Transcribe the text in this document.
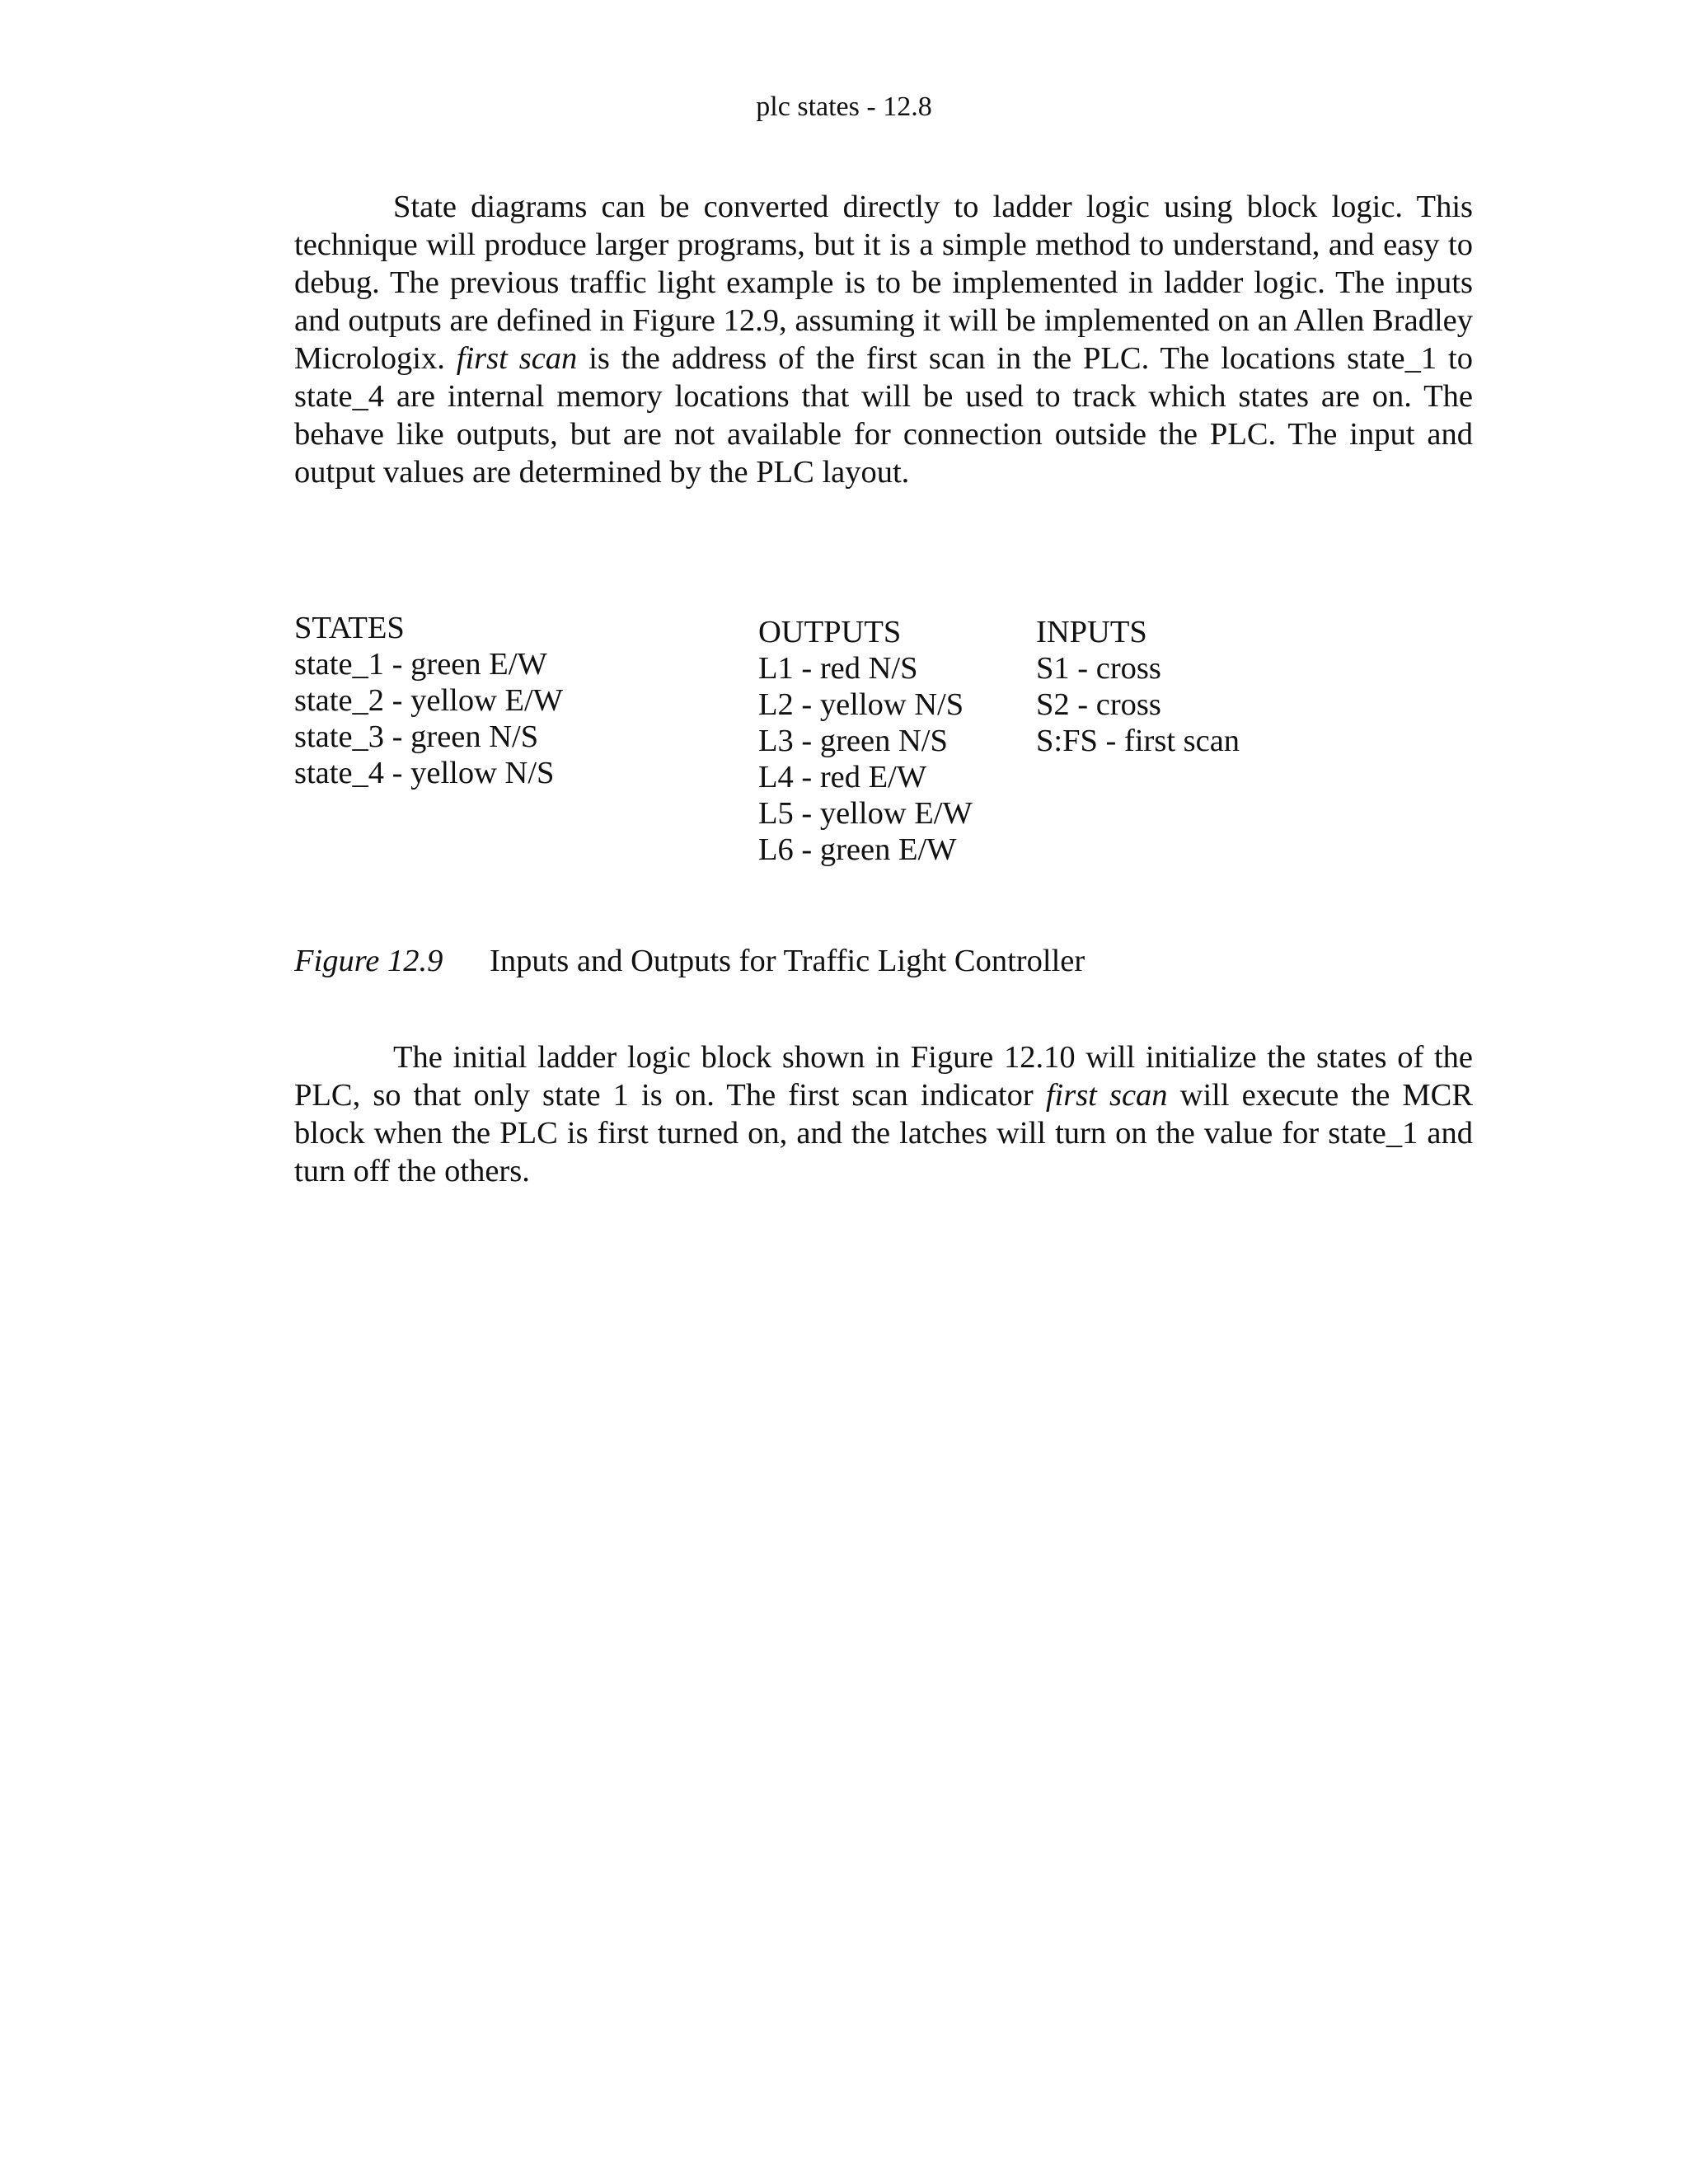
plc states - 12.8

State diagrams can be converted directly to ladder logic using block logic. This technique will produce larger programs, but it is a simple method to understand, and easy to debug. The previous traffic light example is to be implemented in ladder logic. The inputs and outputs are defined in Figure 12.9, assuming it will be implemented on an Allen Bradley Micrologix. first scan is the address of the first scan in the PLC. The locations state_1 to state_4 are internal memory locations that will be used to track which states are on. The behave like outputs, but are not available for connection outside the PLC. The input and output values are determined by the PLC layout.

STATES
state_1 - green E/W
state_2 - yellow E/W
state_3 - green N/S
state_4 - yellow N/S
OUTPUTS
L1 - red N/S
L2 - yellow N/S
L3 - green N/S
L4 - red E/W
L5 - yellow E/W
L6 - green E/W
INPUTS
S1 - cross
S2 - cross
S:FS - first scan
Figure 12.9 Inputs and Outputs for Traffic Light Controller

The initial ladder logic block shown in Figure 12.10 will initialize the states of the PLC, so that only state 1 is on. The first scan indicator first scan will execute the MCR block when the PLC is first turned on, and the latches will turn on the value for state_1 and turn off the others.
